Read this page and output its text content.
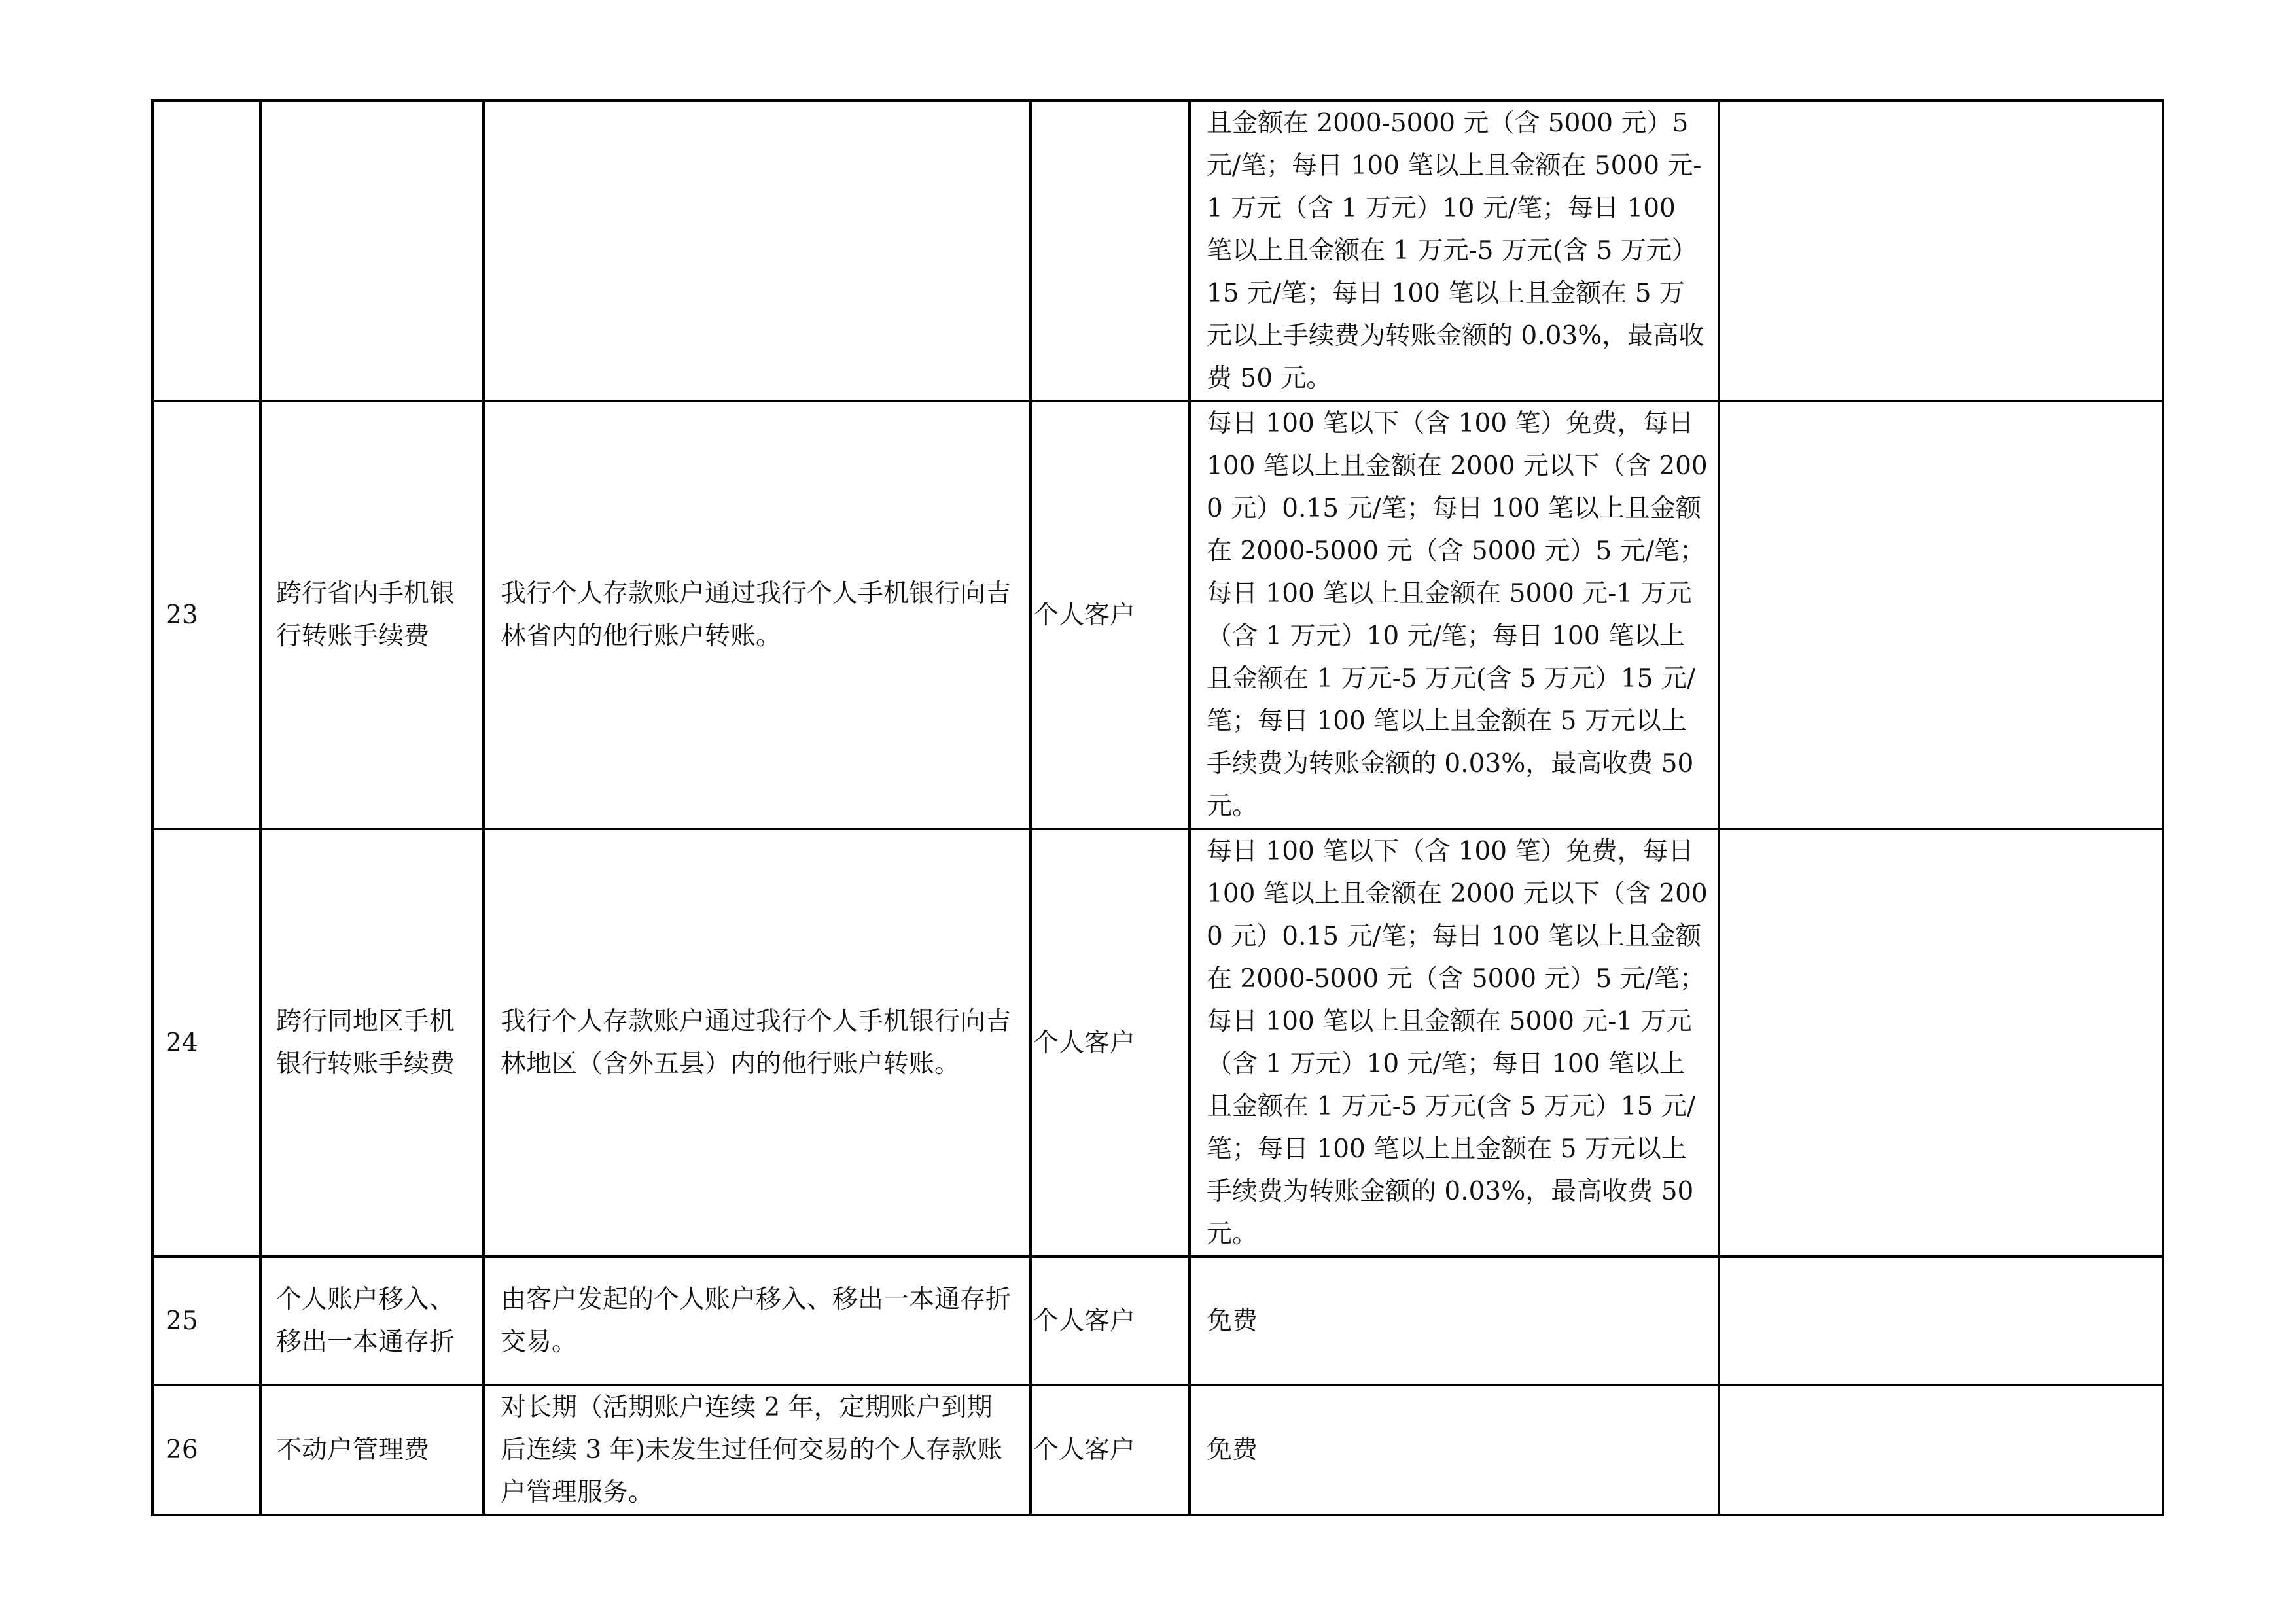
				且金额在 2000-5000 元（含 5000 元）5 元/笔；每日 100 笔以上且金额在 5000 元-1 万元（含 1 万元）10 元/笔；每日 100 笔以上且金额在 1 万元-5 万元(含 5 万元）15 元/笔；每日 100 笔以上且金额在 5 万元以上手续费为转账金额的 0.03%，最高收费 50 元。	
23	跨行省内手机银行转账手续费	我行个人存款账户通过我行个人手机银行向吉林省内的他行账户转账。	个人客户	每日 100 笔以下（含 100 笔）免费，每日 100 笔以上且金额在 2000 元以下（含 2000 元）0.15 元/笔；每日 100 笔以上且金额在 2000-5000 元（含 5000 元）5 元/笔；每日 100 笔以上且金额在 5000 元-1 万元（含 1 万元）10 元/笔；每日 100 笔以上且金额在 1 万元-5 万元(含 5 万元）15 元/笔；每日 100 笔以上且金额在 5 万元以上手续费为转账金额的 0.03%，最高收费 50 元。	
24	跨行同地区手机银行转账手续费	我行个人存款账户通过我行个人手机银行向吉林地区（含外五县）内的他行账户转账。	个人客户	每日 100 笔以下（含 100 笔）免费，每日 100 笔以上且金额在 2000 元以下（含 2000 元）0.15 元/笔；每日 100 笔以上且金额在 2000-5000 元（含 5000 元）5 元/笔；每日 100 笔以上且金额在 5000 元-1 万元（含 1 万元）10 元/笔；每日 100 笔以上且金额在 1 万元-5 万元(含 5 万元）15 元/笔；每日 100 笔以上且金额在 5 万元以上手续费为转账金额的 0.03%，最高收费 50 元。	
25	个人账户移入、移出一本通存折	由客户发起的个人账户移入、移出一本通存折交易。	个人客户	免费	
26	不动户管理费	对长期（活期账户连续 2 年，定期账户到期后连续 3 年)未发生过任何交易的个人存款账户管理服务。	个人客户	免费	
